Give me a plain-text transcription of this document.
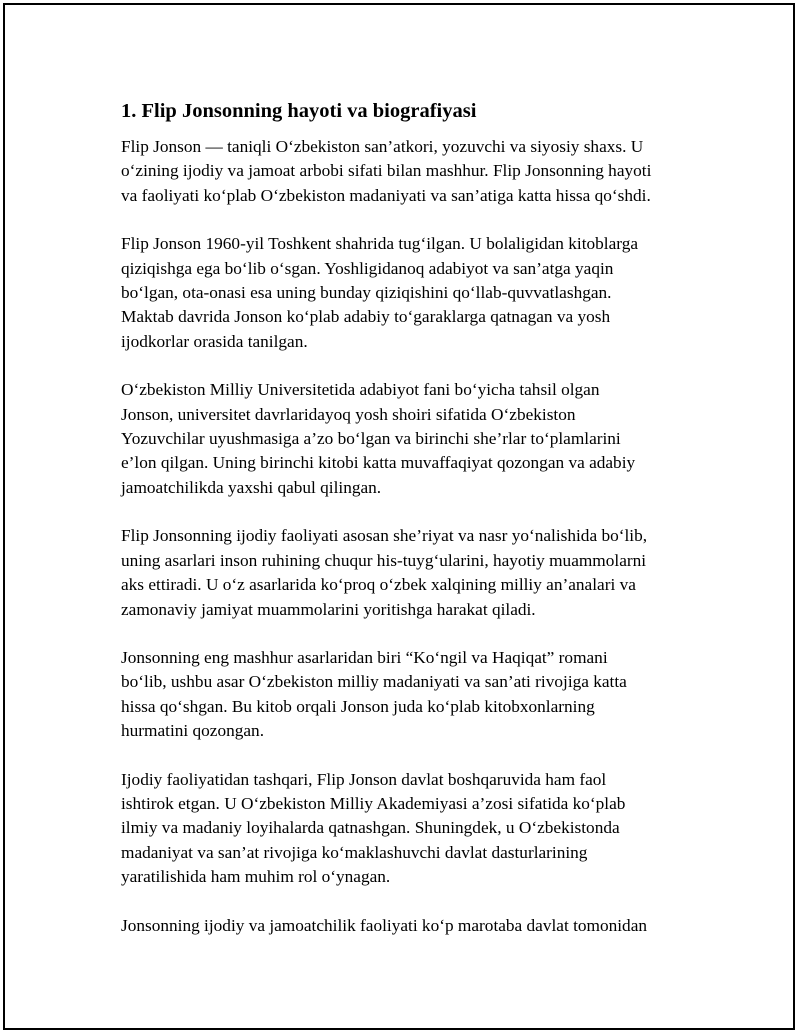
1. Flip Jonsonning hayoti va biografiyasi

Flip Jonson — taniqli O‘zbekiston san’atkori, yozuvchi va siyosiy shaxs. U
o‘zining ijodiy va jamoat arbobi sifati bilan mashhur. Flip Jonsonning hayoti
va faoliyati ko‘plab O‘zbekiston madaniyati va san’atiga katta hissa qo‘shdi.

Flip Jonson 1960-yil Toshkent shahrida tug‘ilgan. U bolaligidan kitoblarga
qiziqishga ega bo‘lib o‘sgan. Yoshligidanoq adabiyot va san’atga yaqin
bo‘lgan, ota-onasi esa uning bunday qiziqishini qo‘llab-quvvatlashgan.
Maktab davrida Jonson ko‘plab adabiy to‘garaklarga qatnagan va yosh
ijodkorlar orasida tanilgan.

O‘zbekiston Milliy Universitetida adabiyot fani bo‘yicha tahsil olgan
Jonson, universitet davrlaridayoq yosh shoiri sifatida O‘zbekiston
Yozuvchilar uyushmasiga a’zo bo‘lgan va birinchi she’rlar to‘plamlarini
e’lon qilgan. Uning birinchi kitobi katta muvaffaqiyat qozongan va adabiy
jamoatchilikda yaxshi qabul qilingan.

Flip Jonsonning ijodiy faoliyati asosan she’riyat va nasr yo‘nalishida bo‘lib,
uning asarlari inson ruhining chuqur his-tuyg‘ularini, hayotiy muammolarni
aks ettiradi. U o‘z asarlarida ko‘proq o‘zbek xalqining milliy an’analari va
zamonaviy jamiyat muammolarini yoritishga harakat qiladi.

Jonsonning eng mashhur asarlaridan biri “Ko‘ngil va Haqiqat” romani
bo‘lib, ushbu asar O‘zbekiston milliy madaniyati va san’ati rivojiga katta
hissa qo‘shgan. Bu kitob orqali Jonson juda ko‘plab kitobxonlarning
hurmatini qozongan.

Ijodiy faoliyatidan tashqari, Flip Jonson davlat boshqaruvida ham faol
ishtirok etgan. U O‘zbekiston Milliy Akademiyasi a’zosi sifatida ko‘plab
ilmiy va madaniy loyihalarda qatnashgan. Shuningdek, u O‘zbekistonda
madaniyat va san’at rivojiga ko‘maklashuvchi davlat dasturlarining
yaratilishida ham muhim rol o‘ynagan.

Jonsonning ijodiy va jamoatchilik faoliyati ko‘p marotaba davlat tomonidan
